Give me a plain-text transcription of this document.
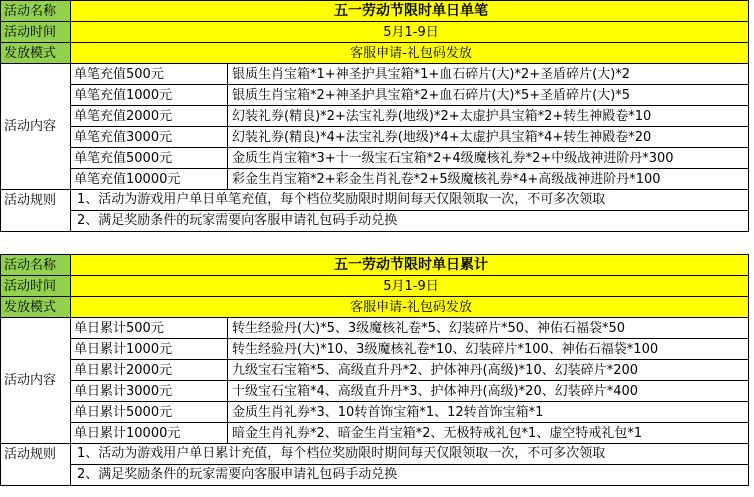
活动名称	五一劳动节限时单日单笔	
活动时间	5月1-9日	
发放模式	客服申请-礼包码发放	
活动内容	单笔充值500元	银质生肖宝箱*1+神圣护具宝箱*1+血石碎片(大)*2+圣盾碎片(大)*2
	单笔充值1000元	银质生肖宝箱*2+神圣护具宝箱*2+血石碎片(大)*5+圣盾碎片(大)*5
	单笔充值2000元	幻装礼券(精良)*2+法宝礼券(地级)*2+太虚护具宝箱*2+转生神殿卷*10
	单笔充值3000元	幻装礼券(精良)*4+法宝礼券(地级)*4+太虚护具宝箱*4+转生神殿卷*20
	单笔充值5000元	金质生肖宝箱*3+十一级宝石宝箱*2+4级魔核礼券*2+中级战神进阶丹*300
	单笔充值10000元	彩金生肖宝箱*2+彩金生肖礼卷*2+5级魔核礼券*4+高级战神进阶丹*100
活动规则	1、活动为游戏用户单日单笔充值，每个档位奖励限时期间每天仅限领取一次，不可多次领取	
	2、满足奖励条件的玩家需要向客服申请礼包码手动兑换	
活动名称	五一劳动节限时单日累计	
活动时间	5月1-9日	
发放模式	客服申请-礼包码发放	
活动内容	单日累计500元	转生经验丹(大)*5、3级魔核礼卷*5、幻装碎片*50、神佑石福袋*50
	单日累计1000元	转生经验丹(大)*10、3级魔核礼卷*10、幻装碎片*100、神佑石福袋*100
	单日累计2000元	九级宝石宝箱*5、高级直升丹*2、护体神丹(高级)*10、幻装碎片*200
	单日累计3000元	十级宝石宝箱*4、高级直升丹*3、护体神丹(高级)*20、幻装碎片*400
	单日累计5000元	金质生肖礼券*3、10转首饰宝箱*1、12转首饰宝箱*1
	单日累计10000元	暗金生肖礼券*2、暗金生肖宝箱*2、无极特戒礼包*1、虚空特戒礼包*1
活动规则	1、活动为游戏用户单日累计充值，每个档位奖励限时期间每天仅限领取一次，不可多次领取	
	2、满足奖励条件的玩家需要向客服申请礼包码手动兑换	
